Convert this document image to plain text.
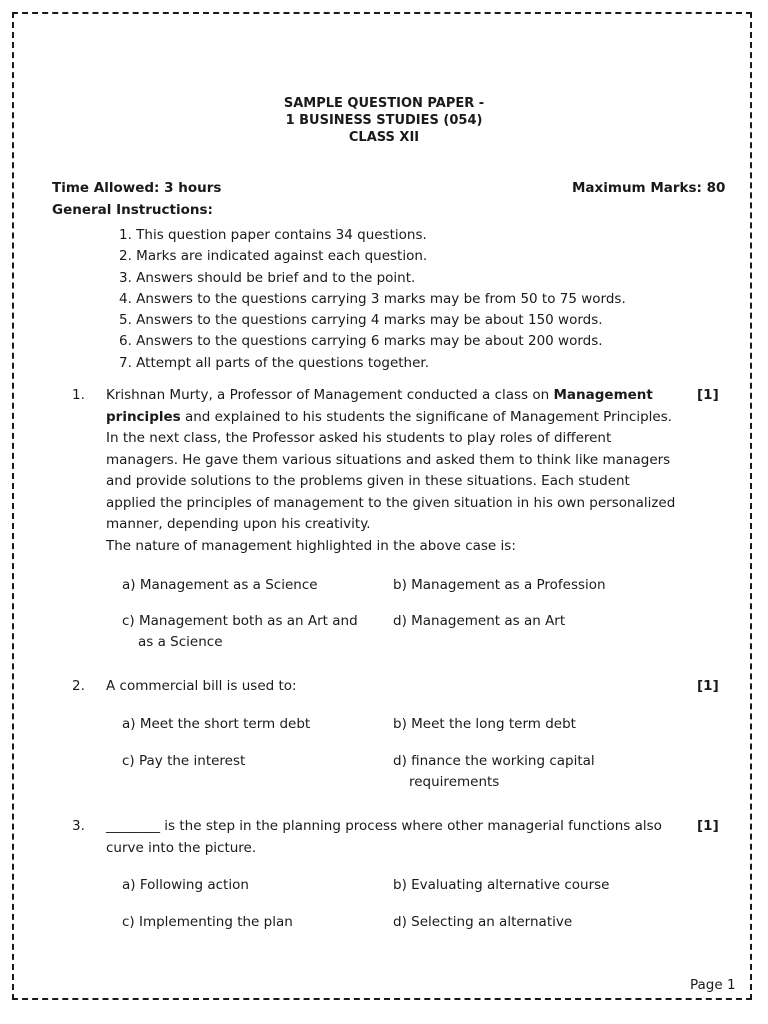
SAMPLE QUESTION PAPER -
1 BUSINESS STUDIES (054)
CLASS XII
Time Allowed: 3 hours	Maximum Marks: 80
General Instructions:
1. This question paper contains 34 questions.
2. Marks are indicated against each question.
3. Answers should be brief and to the point.
4. Answers to the questions carrying 3 marks may be from 50 to 75 words.
5. Answers to the questions carrying 4 marks may be about 150 words.
6. Answers to the questions carrying 6 marks may be about 200 words.
7. Attempt all parts of the questions together.
1. Krishnan Murty, a Professor of Management conducted a class on Management
principles and explained to his students the significane of Management Principles.
In the next class, the Professor asked his students to play roles of different
managers. He gave them various situations and asked them to think like managers
and provide solutions to the problems given in these situations. Each student
applied the principles of management to the given situation in his own personalized
manner, depending upon his creativity.
The nature of management highlighted in the above case is:
[1]
a) Management as a Science	b) Management as a Profession
c) Management both as an Art and
as a Science
d) Management as an Art
2. A commercial bill is used to:	[1]
a) Meet the short term debt	b) Meet the long term debt
c) Pay the interest	d) finance the working capital
requirements
3. ________ is the step in the planning process where other managerial functions also
curve into the picture.
[1]
a) Following action	b) Evaluating alternative course
c) Implementing the plan	d) Selecting an alternative
Page 1
